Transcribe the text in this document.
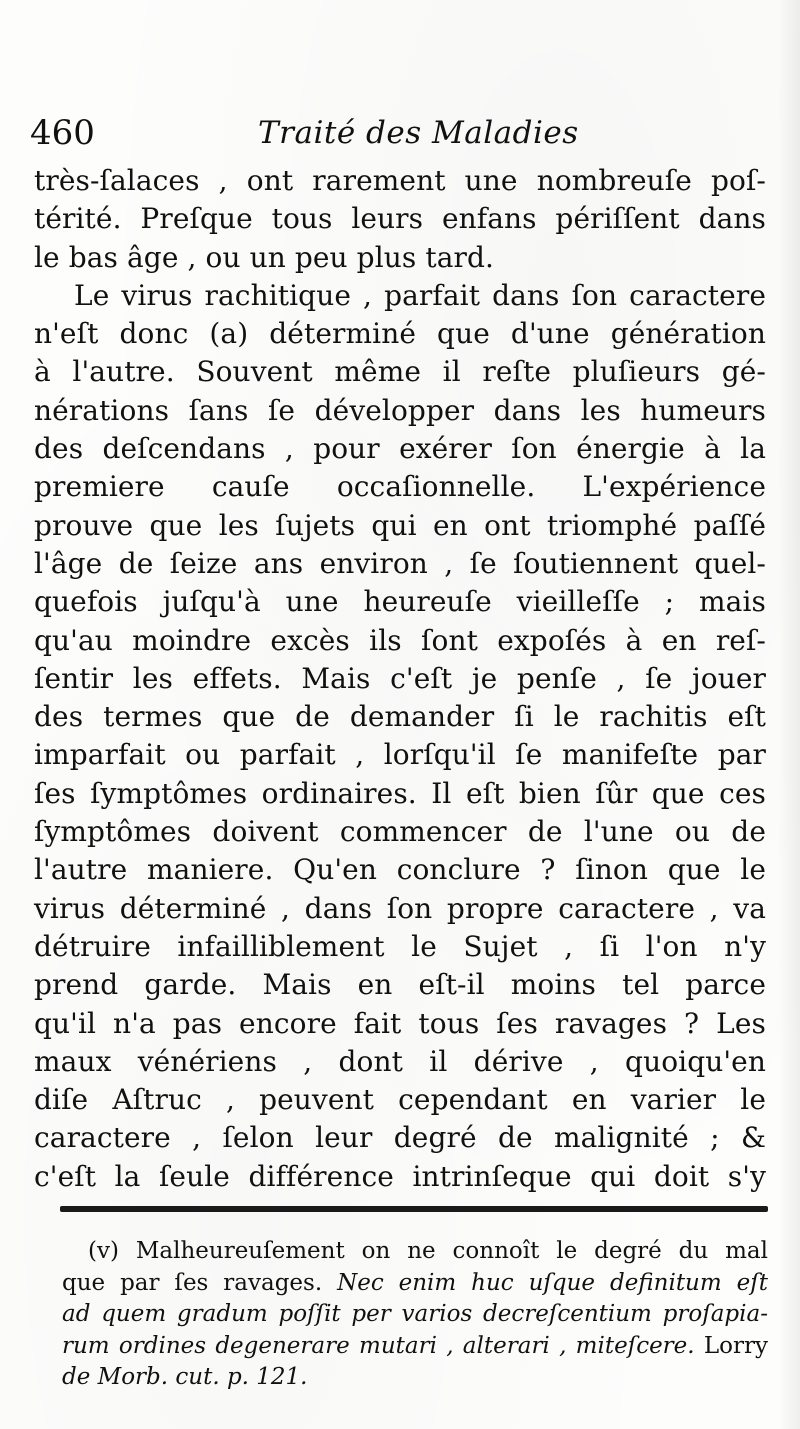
460	Traité des Maladies
très-ſalaces , ont rarement une nombreuſe poſ-
térité. Preſque tous leurs enfans périſſent dans
le bas âge , ou un peu plus tard.
Le virus rachitique , parfait dans ſon caractere
n'eſt donc (a) déterminé que d'une génération
à l'autre. Souvent même il reſte pluſieurs gé-
nérations ſans ſe développer dans les humeurs
des deſcendans , pour exérer ſon énergie à la
premiere cauſe occaſionnelle. L'expérience
prouve que les ſujets qui en ont triomphé paſſé
l'âge de ſeize ans environ , ſe ſoutiennent quel-
quefois juſqu'à une heureuſe vieilleſſe ; mais
qu'au moindre excès ils ſont expoſés à en reſ-
ſentir les effets. Mais c'eſt je penſe , ſe jouer
des termes que de demander ſi le rachitis eſt
imparfait ou parfait , lorſqu'il ſe manifeſte par
ſes ſymptômes ordinaires. Il eſt bien ſûr que ces
ſymptômes doivent commencer de l'une ou de
l'autre maniere. Qu'en conclure ? ſinon que le
virus déterminé , dans ſon propre caractere , va
détruire infailliblement le Sujet , ſi l'on n'y
prend garde. Mais en eſt-il moins tel parce
qu'il n'a pas encore fait tous ſes ravages ? Les
maux vénériens , dont il dérive , quoiqu'en
diſe Aſtruc , peuvent cependant en varier le
caractere , ſelon leur degré de malignité ; &
c'eſt la ſeule différence intrinſeque qui doit s'y
(v) Malheureuſement on ne connoît le degré du mal
que par ſes ravages. Nec enim huc uſque definitum eſt
ad quem gradum poſſit per varios decreſcentium proſapia-
rum ordines degenerare mutari , alterari , miteſcere. Lorry
de Morb. cut. p. 121.
